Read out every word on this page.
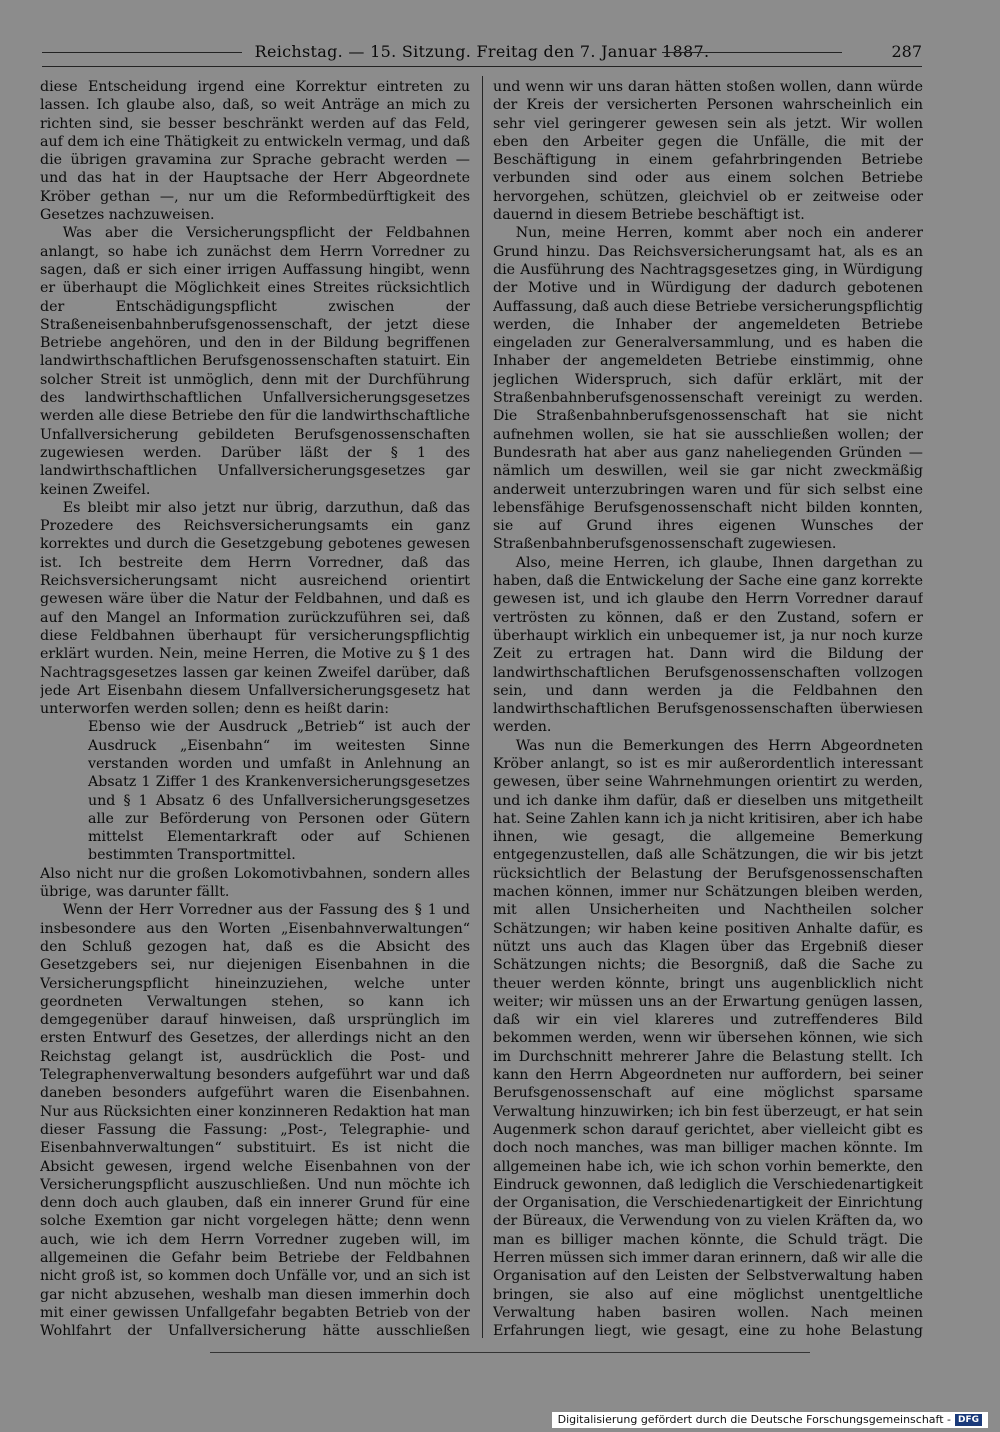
Reichstag. — 15. Sitzung. Freitag den 7. Januar 1887.	287

diese Entscheidung irgend eine Korrektur eintreten zu lassen. Ich glaube also, daß, so weit Anträge an mich zu richten sind, sie besser beschränkt werden auf das Feld, auf dem ich eine Thätigkeit zu entwickeln vermag, und daß die übrigen gravamina zur Sprache gebracht werden — und das hat in der Hauptsache der Herr Abgeordnete Kröber gethan —, nur um die Reformbedürftigkeit des Gesetzes nachzuweisen.

Was aber die Versicherungspflicht der Feldbahnen anlangt, so habe ich zunächst dem Herrn Vorredner zu sagen, daß er sich einer irrigen Auffassung hingibt, wenn er überhaupt die Möglichkeit eines Streites rücksichtlich der Entschädigungspflicht zwischen der Straßeneisenbahnberufsgenossenschaft, der jetzt diese Betriebe angehören, und den in der Bildung begriffenen landwirthschaftlichen Berufsgenossenschaften statuirt. Ein solcher Streit ist unmöglich, denn mit der Durchführung des landwirthschaftlichen Unfallversicherungsgesetzes werden alle diese Betriebe den für die landwirthschaftliche Unfallversicherung gebildeten Berufsgenossenschaften zugewiesen werden. Darüber läßt der § 1 des landwirthschaftlichen Unfallversicherungsgesetzes gar keinen Zweifel.

Es bleibt mir also jetzt nur übrig, darzuthun, daß das Prozedere des Reichsversicherungsamts ein ganz korrektes und durch die Gesetzgebung gebotenes gewesen ist. Ich bestreite dem Herrn Vorredner, daß das Reichsversicherungsamt nicht ausreichend orientirt gewesen wäre über die Natur der Feldbahnen, und daß es auf den Mangel an Information zurückzuführen sei, daß diese Feldbahnen überhaupt für versicherungspflichtig erklärt wurden. Nein, meine Herren, die Motive zu § 1 des Nachtragsgesetzes lassen gar keinen Zweifel darüber, daß jede Art Eisenbahn diesem Unfallversicherungsgesetz hat unterworfen werden sollen; denn es heißt darin:

Ebenso wie der Ausdruck „Betrieb“ ist auch der Ausdruck „Eisenbahn“ im weitesten Sinne verstanden worden und umfaßt in Anlehnung an Absatz 1 Ziffer 1 des Krankenversicherungsgesetzes und § 1 Absatz 6 des Unfallversicherungsgesetzes alle zur Beförderung von Personen oder Gütern mittelst Elementarkraft oder auf Schienen bestimmten Transportmittel.

Also nicht nur die großen Lokomotivbahnen, sondern alles übrige, was darunter fällt.

Wenn der Herr Vorredner aus der Fassung des § 1 und insbesondere aus den Worten „Eisenbahnverwaltungen“ den Schluß gezogen hat, daß es die Absicht des Gesetzgebers sei, nur diejenigen Eisenbahnen in die Versicherungspflicht hineinzuziehen, welche unter geordneten Verwaltungen stehen, so kann ich demgegenüber darauf hinweisen, daß ursprünglich im ersten Entwurf des Gesetzes, der allerdings nicht an den Reichstag gelangt ist, ausdrücklich die Post- und Telegraphenverwaltung besonders aufgeführt war und daß daneben besonders aufgeführt waren die Eisenbahnen. Nur aus Rücksichten einer konzinneren Redaktion hat man dieser Fassung die Fassung: „Post-, Telegraphie- und Eisenbahnverwaltungen“ substituirt. Es ist nicht die Absicht gewesen, irgend welche Eisenbahnen von der Versicherungspflicht auszuschließen. Und nun möchte ich denn doch auch glauben, daß ein innerer Grund für eine solche Exemtion gar nicht vorgelegen hätte; denn wenn auch, wie ich dem Herrn Vorredner zugeben will, im allgemeinen die Gefahr beim Betriebe der Feldbahnen nicht groß ist, so kommen doch Unfälle vor, und an sich ist gar nicht abzusehen, weshalb man diesen immerhin doch mit einer gewissen Unfallgefahr begabten Betrieb von der Wohlfahrt der Unfallversicherung hätte ausschließen

und wenn wir uns daran hätten stoßen wollen, dann würde der Kreis der versicherten Personen wahrscheinlich ein sehr viel geringerer gewesen sein als jetzt. Wir wollen eben den Arbeiter gegen die Unfälle, die mit der Beschäftigung in einem gefahrbringenden Betriebe verbunden sind oder aus einem solchen Betriebe hervorgehen, schützen, gleichviel ob er zeitweise oder dauernd in diesem Betriebe beschäftigt ist.

Nun, meine Herren, kommt aber noch ein anderer Grund hinzu. Das Reichsversicherungsamt hat, als es an die Ausführung des Nachtragsgesetzes ging, in Würdigung der Motive und in Würdigung der dadurch gebotenen Auffassung, daß auch diese Betriebe versicherungspflichtig werden, die Inhaber der angemeldeten Betriebe eingeladen zur Generalversammlung, und es haben die Inhaber der angemeldeten Betriebe einstimmig, ohne jeglichen Widerspruch, sich dafür erklärt, mit der Straßenbahnberufsgenossenschaft vereinigt zu werden. Die Straßenbahnberufsgenossenschaft hat sie nicht aufnehmen wollen, sie hat sie ausschließen wollen; der Bundesrath hat aber aus ganz naheliegenden Gründen — nämlich um deswillen, weil sie gar nicht zweckmäßig anderweit unterzubringen waren und für sich selbst eine lebensfähige Berufsgenossenschaft nicht bilden konnten, sie auf Grund ihres eigenen Wunsches der Straßenbahnberufsgenossenschaft zugewiesen.

Also, meine Herren, ich glaube, Ihnen dargethan zu haben, daß die Entwickelung der Sache eine ganz korrekte gewesen ist, und ich glaube den Herrn Vorredner darauf vertrösten zu können, daß er den Zustand, sofern er überhaupt wirklich ein unbequemer ist, ja nur noch kurze Zeit zu ertragen hat. Dann wird die Bildung der landwirthschaftlichen Berufsgenossenschaften vollzogen sein, und dann werden ja die Feldbahnen den landwirthschaftlichen Berufsgenossenschaften überwiesen werden.

Was nun die Bemerkungen des Herrn Abgeordneten Kröber anlangt, so ist es mir außerordentlich interessant gewesen, über seine Wahrnehmungen orientirt zu werden, und ich danke ihm dafür, daß er dieselben uns mitgetheilt hat. Seine Zahlen kann ich ja nicht kritisiren, aber ich habe ihnen, wie gesagt, die allgemeine Bemerkung entgegenzustellen, daß alle Schätzungen, die wir bis jetzt rücksichtlich der Belastung der Berufsgenossenschaften machen können, immer nur Schätzungen bleiben werden, mit allen Unsicherheiten und Nachtheilen solcher Schätzungen; wir haben keine positiven Anhalte dafür, es nützt uns auch das Klagen über das Ergebniß dieser Schätzungen nichts; die Besorgniß, daß die Sache zu theuer werden könnte, bringt uns augenblicklich nicht weiter; wir müssen uns an der Erwartung genügen lassen, daß wir ein viel klareres und zutreffenderes Bild bekommen werden, wenn wir übersehen können, wie sich im Durchschnitt mehrerer Jahre die Belastung stellt. Ich kann den Herrn Abgeordneten nur auffordern, bei seiner Berufsgenossenschaft auf eine möglichst sparsame Verwaltung hinzuwirken; ich bin fest überzeugt, er hat sein Augenmerk schon darauf gerichtet, aber vielleicht gibt es doch noch manches, was man billiger machen könnte. Im allgemeinen habe ich, wie ich schon vorhin bemerkte, den Eindruck gewonnen, daß lediglich die Verschiedenartigkeit der Organisation, die Verschiedenartigkeit der Einrichtung der Büreaux, die Verwendung von zu vielen Kräften da, wo man es billiger machen könnte, die Schuld trägt. Die Herren müssen sich immer daran erinnern, daß wir alle die Organisation auf den Leisten der Selbstverwaltung haben bringen, sie also auf eine möglichst unentgeltliche Verwaltung haben basiren wollen. Nach meinen Erfahrungen liegt, wie gesagt, eine zu hohe Belastung

Digitalisierung gefördert durch die Deutsche Forschungsgemeinschaft - DFG
